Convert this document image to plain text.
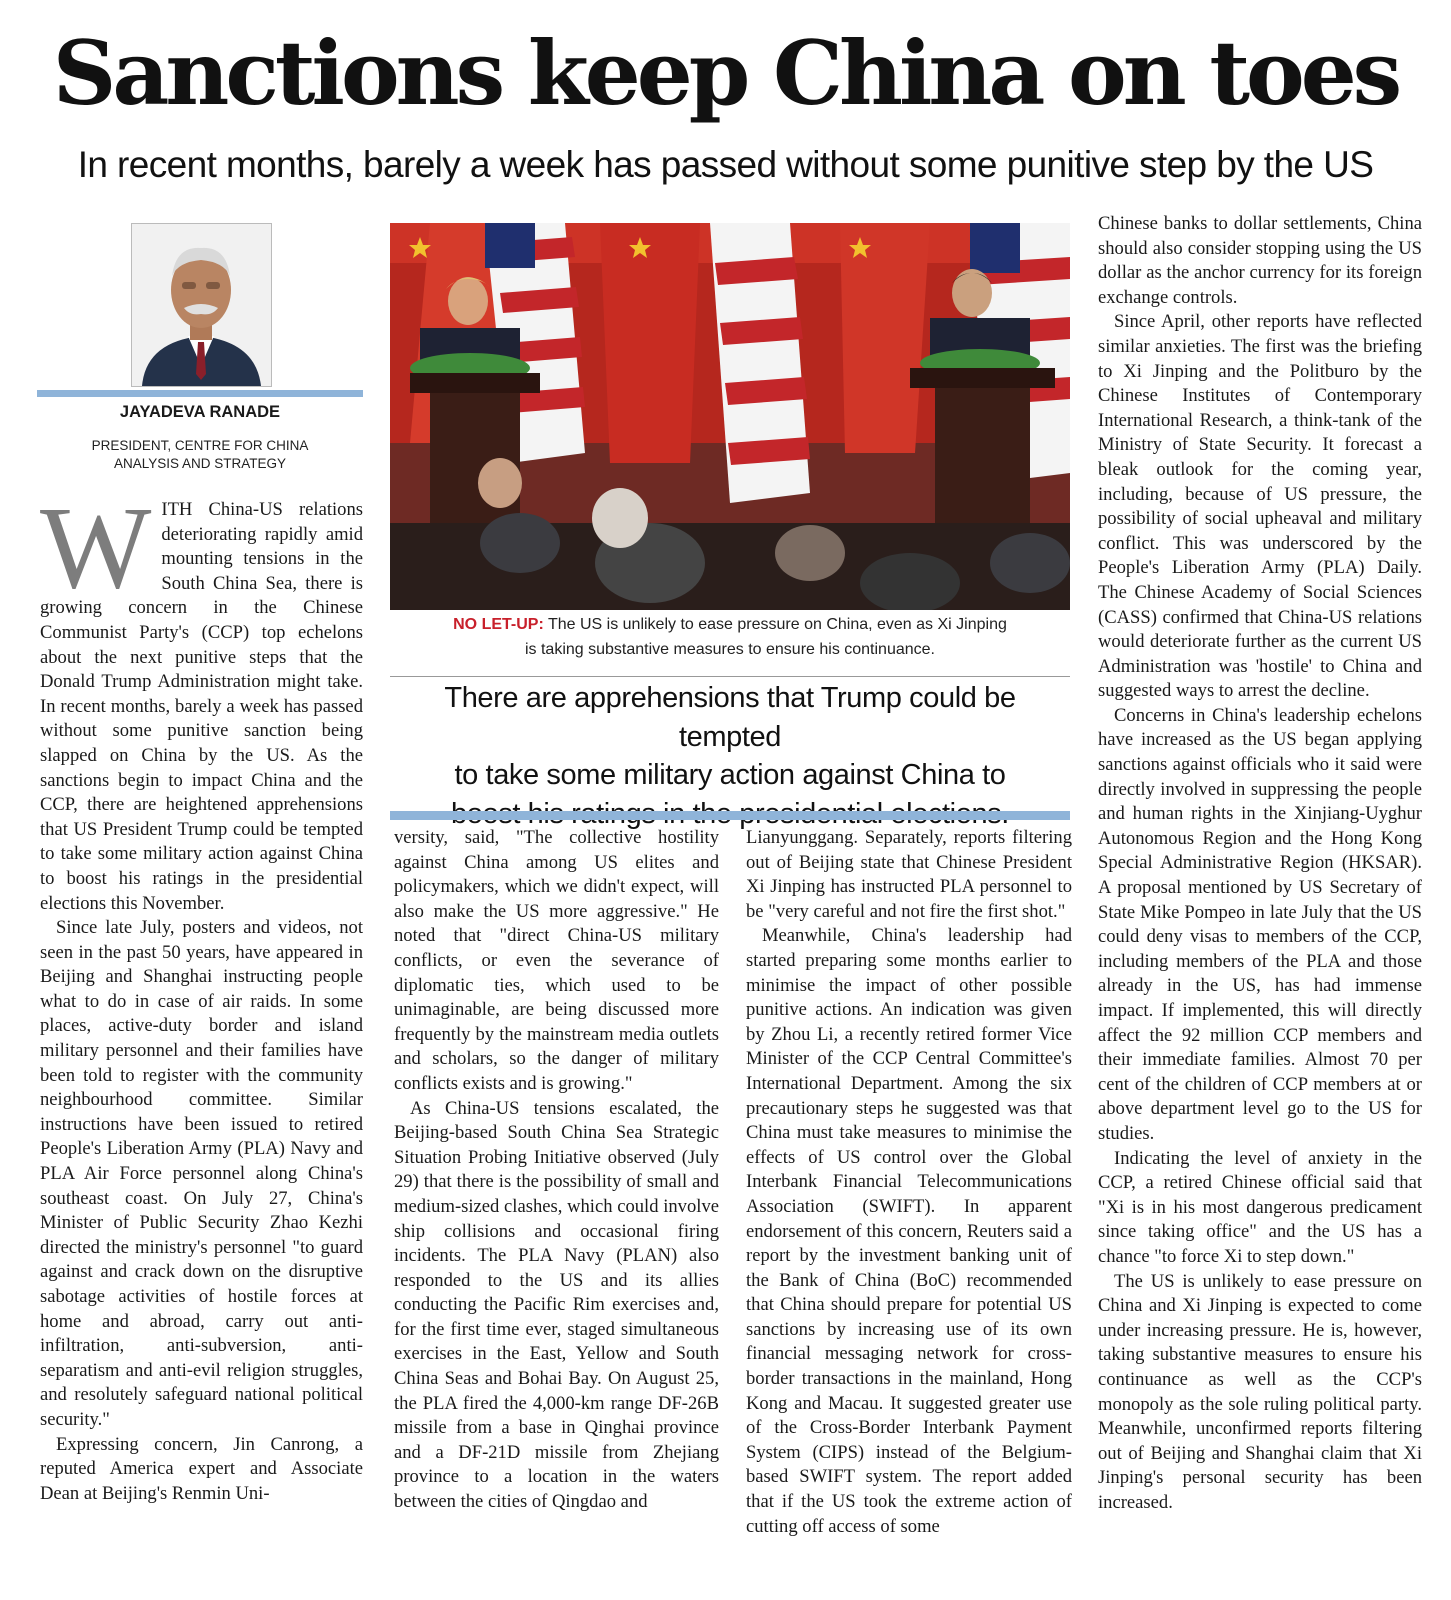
Sanctions keep China on toes
In recent months, barely a week has passed without some punitive step by the US
JAYADEVA RANADE
PRESIDENT, CENTRE FOR CHINA
ANALYSIS AND STRATEGY

WITH China-US relations deteriorating rapidly amid mounting tensions in the South China Sea, there is growing concern in the Chinese Communist Party's (CCP) top echelons about the next punitive steps that the Donald Trump Administration might take. In recent months, barely a week has passed without some punitive sanction being slapped on China by the US. As the sanctions begin to impact China and the CCP, there are heightened apprehensions that US President Trump could be tempted to take some military action against China to boost his ratings in the presidential elections this November.

Since late July, posters and videos, not seen in the past 50 years, have appeared in Beijing and Shanghai instructing people what to do in case of air raids. In some places, active-duty border and island military personnel and their families have been told to register with the community neighbourhood committee. Similar instructions have been issued to retired People's Liberation Army (PLA) Navy and PLA Air Force personnel along China's southeast coast. On July 27, China's Minister of Public Security Zhao Kezhi directed the ministry's personnel "to guard against and crack down on the disruptive sabotage activities of hostile forces at home and abroad, carry out anti-infiltration, anti-subversion, anti-separatism and anti-evil religion struggles, and resolutely safeguard national political security."

Expressing concern, Jin Canrong, a reputed America expert and Associate Dean at Beijing's Renmin Uni-

NO LET-UP: The US is unlikely to ease pressure on China, even as Xi Jinping
is taking substantive measures to ensure his continuance.
There are apprehensions that Trump could be tempted
to take some military action against China to

versity, said, "The collective hostility against China among US elites and policymakers, which we didn't expect, will also make the US more aggressive." He noted that "direct China-US military conflicts, or even the severance of diplomatic ties, which used to be unimaginable, are being discussed more frequently by the mainstream media outlets and scholars, so the danger of military conflicts exists and is growing."

As China-US tensions escalated, the Beijing-based South China Sea Strategic Situation Probing Initiative observed (July 29) that there is the possibility of small and medium-sized clashes, which could involve ship collisions and occasional firing incidents. The PLA Navy (PLAN) also responded to the US and its allies conducting the Pacific Rim exercises and, for the first time ever, staged simultaneous exercises in the East, Yellow and South China Seas and Bohai Bay. On August 25, the PLA fired the 4,000-km range DF-26B missile from a base in Qinghai province and a DF-21D missile from Zhejiang province to a location in the waters between the cities of Qingdao and

Lianyunggang. Separately, reports filtering out of Beijing state that Chinese President Xi Jinping has instructed PLA personnel to be "very careful and not fire the first shot."

Meanwhile, China's leadership had started preparing some months earlier to minimise the impact of other possible punitive actions. An indication was given by Zhou Li, a recently retired former Vice Minister of the CCP Central Committee's International Department. Among the six precautionary steps he suggested was that China must take measures to minimise the effects of US control over the Global Interbank Financial Telecommunications Association (SWIFT). In apparent endorsement of this concern, Reuters said a report by the investment banking unit of the Bank of China (BoC) recommended that China should prepare for potential US sanctions by increasing use of its own financial messaging network for cross-border transactions in the mainland, Hong Kong and Macau. It suggested greater use of the Cross-Border Interbank Payment System (CIPS) instead of the Belgium-based SWIFT system. The report added that if the US took the extreme action of cutting off access of some

Chinese banks to dollar settlements, China should also consider stopping using the US dollar as the anchor currency for its foreign exchange controls.

Since April, other reports have reflected similar anxieties. The first was the briefing to Xi Jinping and the Politburo by the Chinese Institutes of Contemporary International Research, a think-tank of the Ministry of State Security. It forecast a bleak outlook for the coming year, including, because of US pressure, the possibility of social upheaval and military conflict. This was underscored by the People's Liberation Army (PLA) Daily. The Chinese Academy of Social Sciences (CASS) confirmed that China-US relations would deteriorate further as the current US Administration was 'hostile' to China and suggested ways to arrest the decline.

Concerns in China's leadership echelons have increased as the US began applying sanctions against officials who it said were directly involved in suppressing the people and human rights in the Xinjiang-Uyghur Autonomous Region and the Hong Kong Special Administrative Region (HKSAR). A proposal mentioned by US Secretary of State Mike Pompeo in late July that the US could deny visas to members of the CCP, including members of the PLA and those already in the US, has had immense impact. If implemented, this will directly affect the 92 million CCP members and their immediate families. Almost 70 per cent of the children of CCP members at or above department level go to the US for studies.

Indicating the level of anxiety in the CCP, a retired Chinese official said that "Xi is in his most dangerous predicament since taking office" and the US has a chance "to force Xi to step down."

The US is unlikely to ease pressure on China and Xi Jinping is expected to come under increasing pressure. He is, however, taking substantive measures to ensure his continuance as well as the CCP's monopoly as the sole ruling political party. Meanwhile, unconfirmed reports filtering out of Beijing and Shanghai claim that Xi Jinping's personal security has been increased.
